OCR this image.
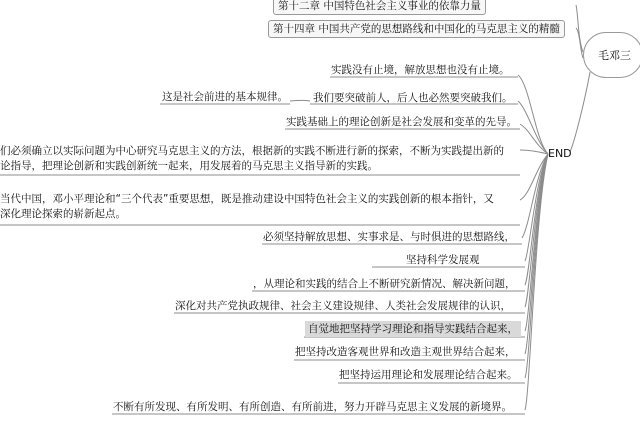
第十二章 中国特色社会主义事业的依靠力量
第十四章 中国共产党的思想路线和中国化的马克思主义的精髓
毛邓三
END
实践没有止境，解放思想也没有止境。
这是社会前进的基本规律。 我们要突破前人，后人也必然要突破我们。
实践基础上的理论创新是社会发展和变革的先导。
们必须确立以实际问题为中心研究马克思主义的方法，根据新的实践不断进行新的探索，不断为实践提出新的
论指导，把理论创新和实践创新统一起来，用发展着的马克思主义指导新的实践。
当代中国，邓小平理论和“三个代表”重要思想，既是推动建设中国特色社会主义的实践创新的根本指针，又
深化理论探索的崭新起点。
必须坚持解放思想、实事求是、与时俱进的思想路线，
坚持科学发展观
，从理论和实践的结合上不断研究新情况、解决新问题，
深化对共产党执政规律、社会主义建设规律、人类社会发展规律的认识，
自觉地把坚持学习理论和指导实践结合起来，
把坚持改造客观世界和改造主观世界结合起来，
把坚持运用理论和发展理论结合起来。
不断有所发现、有所发明、有所创造、有所前进，努力开辟马克思主义发展的新境界。
